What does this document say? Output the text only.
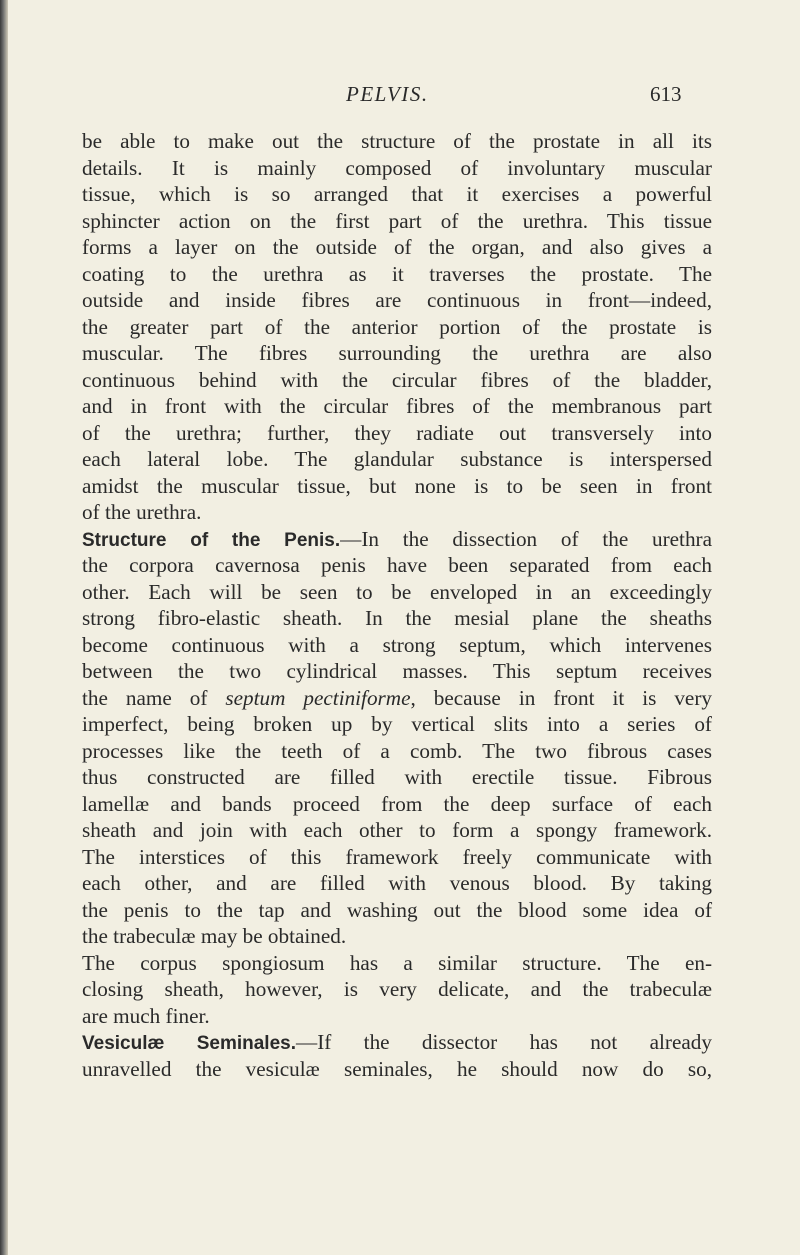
PELVIS.	613
be able to make out the structure of the prostate in all its
details. It is mainly composed of involuntary muscular
tissue, which is so arranged that it exercises a powerful
sphincter action on the first part of the urethra. This tissue
forms a layer on the outside of the organ, and also gives a
coating to the urethra as it traverses the prostate. The
outside and inside fibres are continuous in front—indeed,
the greater part of the anterior portion of the prostate is
muscular. The fibres surrounding the urethra are also
continuous behind with the circular fibres of the bladder,
and in front with the circular fibres of the membranous part
of the urethra; further, they radiate out transversely into
each lateral lobe. The glandular substance is interspersed
amidst the muscular tissue, but none is to be seen in front
of the urethra.
Structure of the Penis.—In the dissection of the urethra
the corpora cavernosa penis have been separated from each
other. Each will be seen to be enveloped in an exceedingly
strong fibro-elastic sheath. In the mesial plane the sheaths
become continuous with a strong septum, which intervenes
between the two cylindrical masses. This septum receives
the name of septum pectiniforme, because in front it is very
imperfect, being broken up by vertical slits into a series of
processes like the teeth of a comb. The two fibrous cases
thus constructed are filled with erectile tissue. Fibrous
lamellæ and bands proceed from the deep surface of each
sheath and join with each other to form a spongy framework.
The interstices of this framework freely communicate with
each other, and are filled with venous blood. By taking
the penis to the tap and washing out the blood some idea of
the trabeculæ may be obtained.
The corpus spongiosum has a similar structure. The en-
closing sheath, however, is very delicate, and the trabeculæ
are much finer.
Vesiculæ Seminales.—If the dissector has not already
unravelled the vesiculæ seminales, he should now do so,
